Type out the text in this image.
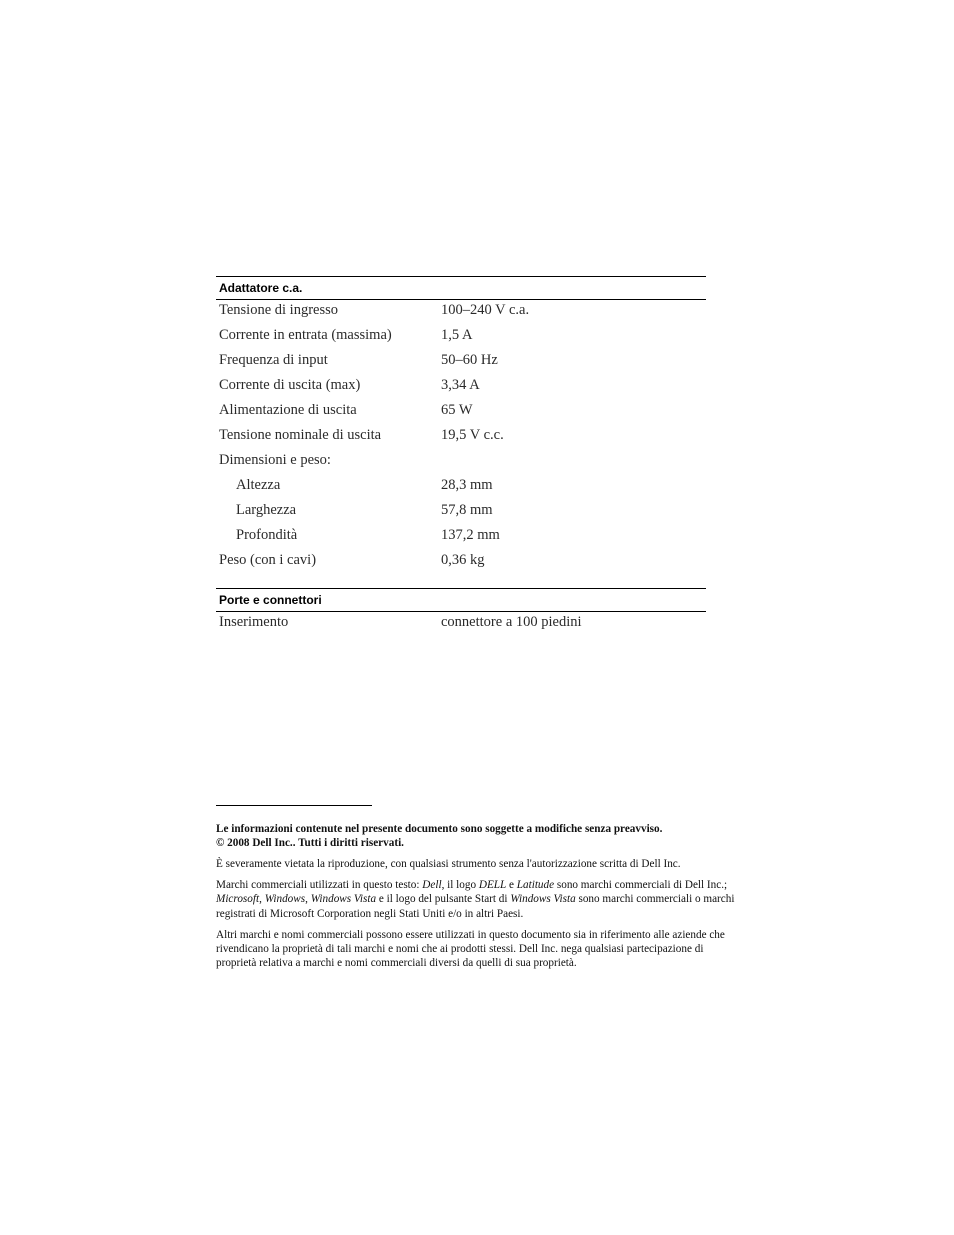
Adattatore c.a.
Tensione di ingresso	100–240 V c.a.
Corrente in entrata (massima)	1,5 A
Frequenza di input	50–60 Hz
Corrente di uscita (max)	3,34 A
Alimentazione di uscita	65 W
Tensione nominale di uscita	19,5 V c.c.
Dimensioni e peso:
Altezza	28,3 mm
Larghezza	57,8 mm
Profondità	137,2 mm
Peso (con i cavi)	0,36 kg
Porte e connettori
Inserimento	connettore a 100 piedini

Le informazioni contenute nel presente documento sono soggette a modifiche senza preavviso.
© 2008 Dell Inc.. Tutti i diritti riservati.

È severamente vietata la riproduzione, con qualsiasi strumento senza l'autorizzazione scritta di Dell Inc.

Marchi commerciali utilizzati in questo testo: Dell, il logo DELL e Latitude sono marchi commerciali di Dell Inc.; Microsoft, Windows, Windows Vista e il logo del pulsante Start di Windows Vista sono marchi commerciali o marchi registrati di Microsoft Corporation negli Stati Uniti e/o in altri Paesi.

Altri marchi e nomi commerciali possono essere utilizzati in questo documento sia in riferimento alle aziende che rivendicano la proprietà di tali marchi e nomi che ai prodotti stessi. Dell Inc. nega qualsiasi partecipazione di proprietà relativa a marchi e nomi commerciali diversi da quelli di sua proprietà.
